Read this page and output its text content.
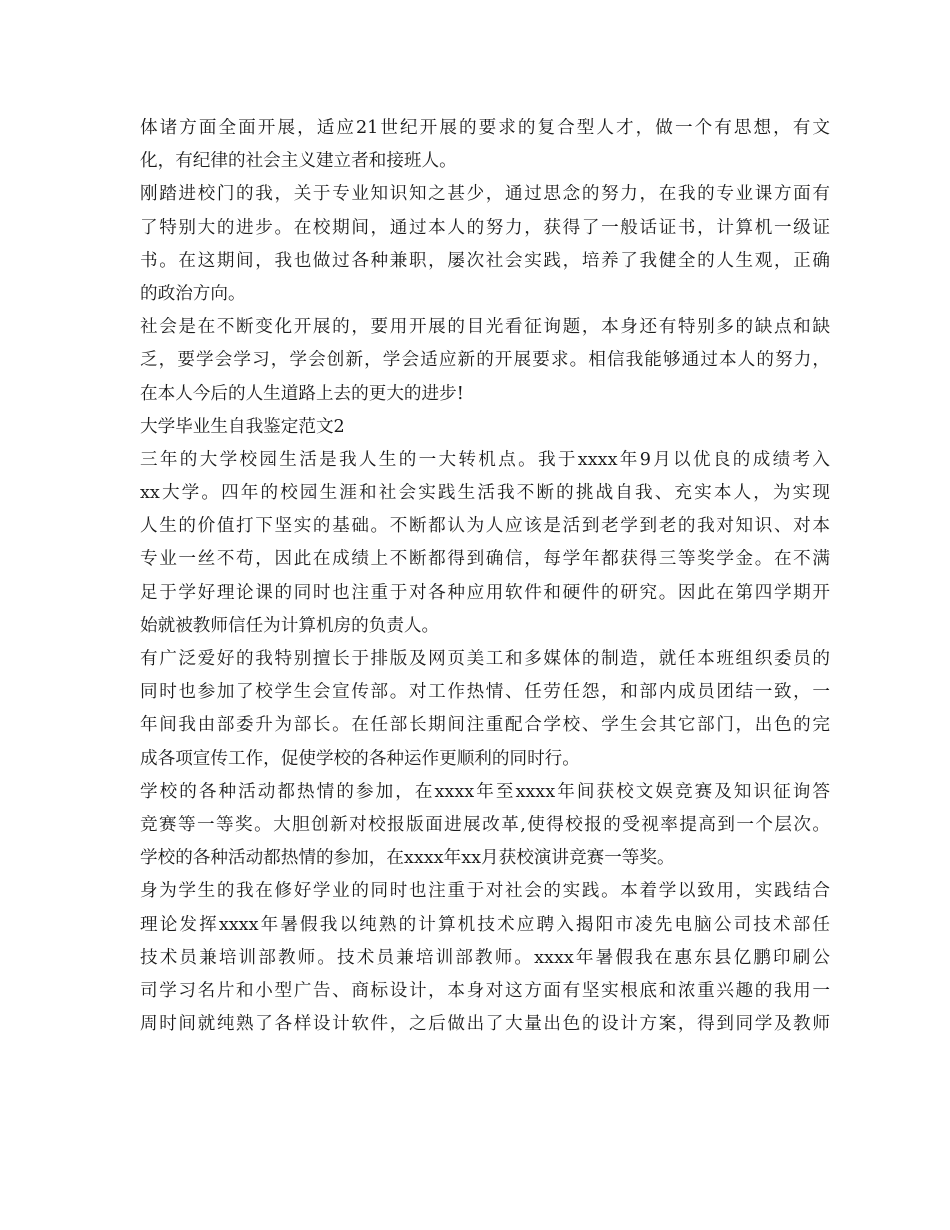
体诸方面全面开展，适应21世纪开展的要求的复合型人才，做一个有思想，有文
化，有纪律的社会主义建立者和接班人。
刚踏进校门的我，关于专业知识知之甚少，通过思念的努力，在我的专业课方面有
了特别大的进步。在校期间，通过本人的努力，获得了一般话证书，计算机一级证
书。在这期间，我也做过各种兼职，屡次社会实践，培养了我健全的人生观，正确
的政治方向。
社会是在不断变化开展的，要用开展的目光看征询题，本身还有特别多的缺点和缺
乏，要学会学习，学会创新，学会适应新的开展要求。相信我能够通过本人的努力，
在本人今后的人生道路上去的更大的进步!
大学毕业生自我鉴定范文2
三年的大学校园生活是我人生的一大转机点。我于xxxx年9月以优良的成绩考入
xx大学。四年的校园生涯和社会实践生活我不断的挑战自我、充实本人，为实现
人生的价值打下坚实的基础。不断都认为人应该是活到老学到老的我对知识、对本
专业一丝不苟，因此在成绩上不断都得到确信，每学年都获得三等奖学金。在不满
足于学好理论课的同时也注重于对各种应用软件和硬件的研究。因此在第四学期开
始就被教师信任为计算机房的负责人。
有广泛爱好的我特别擅长于排版及网页美工和多媒体的制造，就任本班组织委员的
同时也参加了校学生会宣传部。对工作热情、任劳任怨，和部内成员团结一致，一
年间我由部委升为部长。在任部长期间注重配合学校、学生会其它部门，出色的完
成各项宣传工作，促使学校的各种运作更顺利的同时行。
学校的各种活动都热情的参加，在xxxx年至xxxx年间获校文娱竞赛及知识征询答
竞赛等一等奖。大胆创新对校报版面进展改革,使得校报的受视率提高到一个层次。
学校的各种活动都热情的参加，在xxxx年xx月获校演讲竞赛一等奖。
身为学生的我在修好学业的同时也注重于对社会的实践。本着学以致用，实践结合
理论发挥xxxx年暑假我以纯熟的计算机技术应聘入揭阳市凌先电脑公司技术部任
技术员兼培训部教师。技术员兼培训部教师。xxxx年暑假我在惠东县亿鹏印刷公
司学习名片和小型广告、商标设计，本身对这方面有坚实根底和浓重兴趣的我用一
周时间就纯熟了各样设计软件，之后做出了大量出色的设计方案，得到同学及教师
